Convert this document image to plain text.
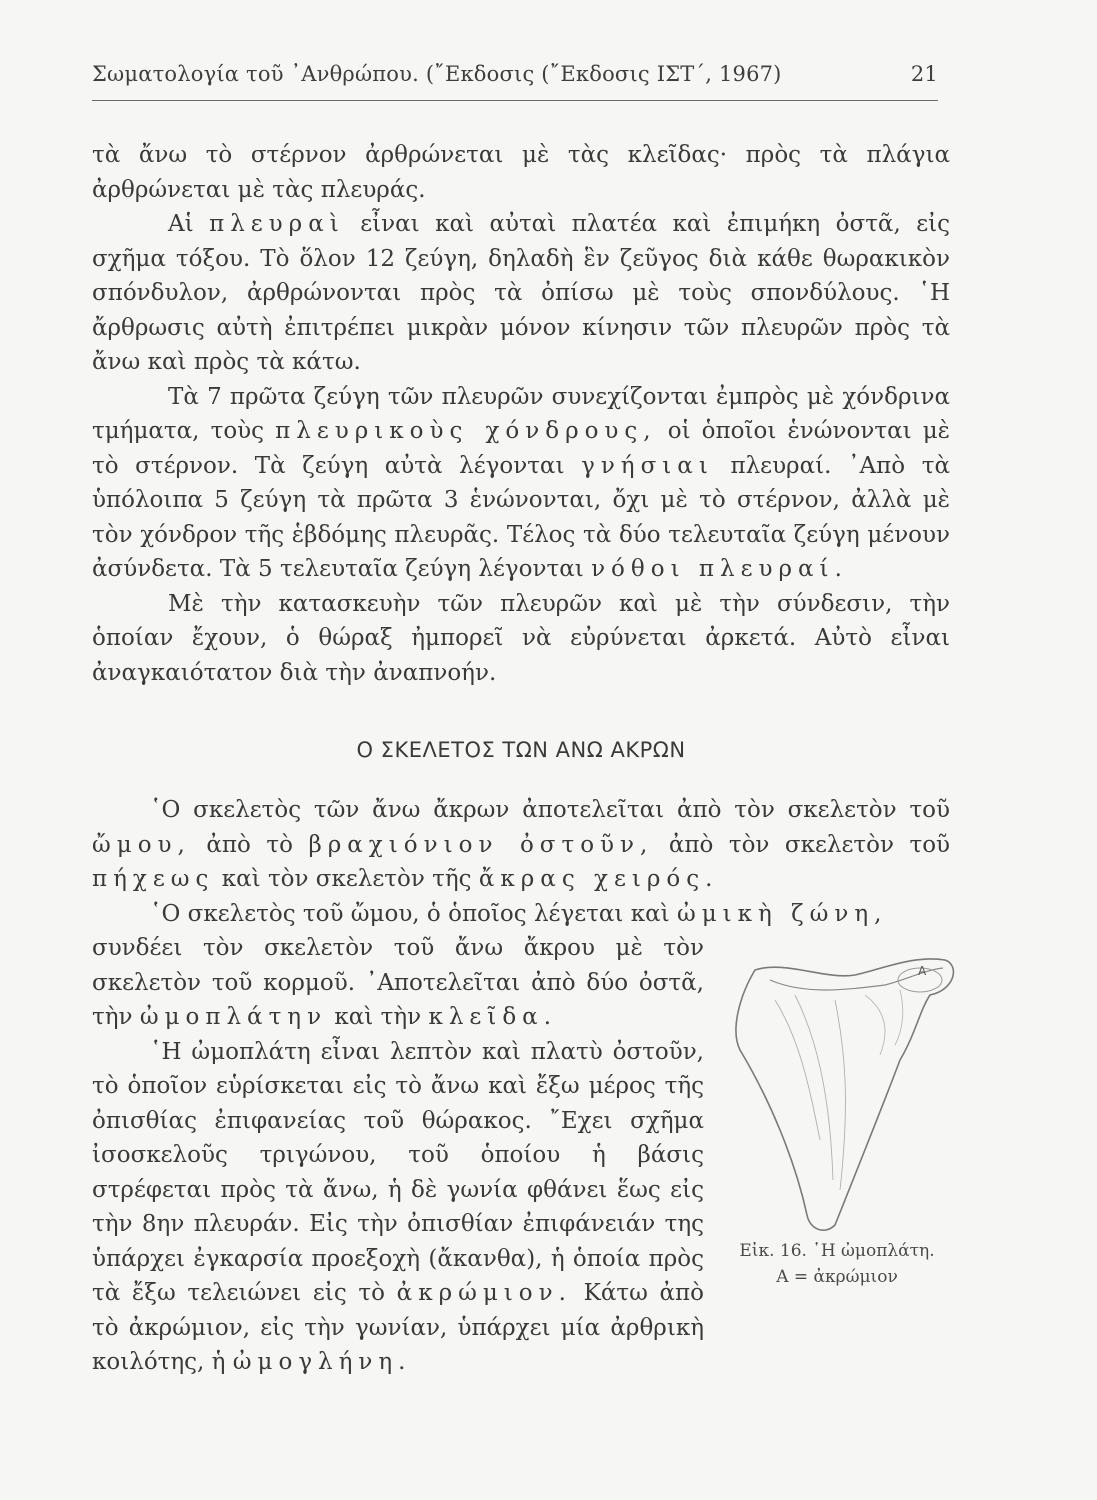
Σωματολογία τοῦ ᾿Ανθρώπου. (῎Εκδοσις (῎Εκδοσις ΙΣΤ΄, 1967)	21

τὰ ἄνω τὸ στέρνον ἀρθρώνεται μὲ τὰς κλεῖδας· πρὸς τὰ πλάγια ἀρθρώνεται μὲ τὰς πλευράς.

Αἱ πλευραὶ εἶναι καὶ αὐταὶ πλατέα καὶ ἐπιμήκη ὀστᾶ, εἰς σχῆμα τόξου. Τὸ ὅλον 12 ζεύγη, δηλαδὴ ἓν ζεῦγος διὰ κάθε θωρακικὸν σπόνδυλον, ἀρθρώνονται πρὸς τὰ ὀπίσω μὲ τοὺς σπονδύλους. ῾Η ἄρθρωσις αὐτὴ ἐπιτρέπει μικρὰν μόνον κίνησιν τῶν πλευρῶν πρὸς τὰ ἄνω καὶ πρὸς τὰ κάτω.

Τὰ 7 πρῶτα ζεύγη τῶν πλευρῶν συνεχίζονται ἐμπρὸς μὲ χόνδρινα τμήματα, τοὺς πλευρικοὺς χόνδρους, οἱ ὁποῖοι ἑνώνονται μὲ τὸ στέρνον. Τὰ ζεύγη αὐτὰ λέγονται γνήσιαι πλευραί. ᾿Απὸ τὰ ὑπόλοιπα 5 ζεύγη τὰ πρῶτα 3 ἑνώνονται, ὄχι μὲ τὸ στέρνον, ἀλλὰ μὲ τὸν χόνδρον τῆς ἑβδόμης πλευρᾶς. Τέλος τὰ δύο τελευταῖα ζεύγη μένουν ἀσύνδετα. Τὰ 5 τελευταῖα ζεύγη λέγονται νόθοι πλευραί.

Μὲ τὴν κατασκευὴν τῶν πλευρῶν καὶ μὲ τὴν σύνδεσιν, τὴν ὁποίαν ἔχουν, ὁ θώραξ ἠμπορεῖ νὰ εὐρύνεται ἀρκετά. Αὐτὸ εἶναι ἀναγκαιότατον διὰ τὴν ἀναπνοήν.

Ο ΣΚΕΛΕΤΟΣ ΤΩΝ ΑΝΩ ΑΚΡΩΝ

῾Ο σκελετὸς τῶν ἄνω ἄκρων ἀποτελεῖται ἀπὸ τὸν σκελετὸν τοῦ ὤμου, ἀπὸ τὸ βραχιόνιον ὀστοῦν, ἀπὸ τὸν σκελετὸν τοῦ πήχεως καὶ τὸν σκελετὸν τῆς ἄκρας χειρός.

῾Ο σκελετὸς τοῦ ὤμου, ὁ ὁποῖος λέγεται καὶ ὠμικὴ ζώνη,

συνδέει τὸν σκελετὸν τοῦ ἄνω ἄκρου μὲ τὸν σκελετὸν τοῦ κορμοῦ. ᾿Αποτελεῖται ἀπὸ δύο ὀστᾶ, τὴν ὠμοπλάτην καὶ τὴν κλεῖδα.

῾Η ὠμοπλάτη εἶναι λεπτὸν καὶ πλατὺ ὀστοῦν, τὸ ὁποῖον εὑρίσκεται εἰς τὸ ἄνω καὶ ἔξω μέρος τῆς ὀπισθίας ἐπιφανείας τοῦ θώρακος. ῎Εχει σχῆμα ἰσοσκελοῦς τριγώνου, τοῦ ὁποίου ἡ βάσις στρέφεται πρὸς τὰ ἄνω, ἡ δὲ γωνία φθάνει ἕως εἰς τὴν 8ην πλευράν. Εἰς τὴν ὀπισθίαν ἐπιφάνειάν της ὑπάρχει ἐγκαρσία προεξοχὴ (ἄκανθα), ἡ ὁποία πρὸς τὰ ἔξω τελειώνει εἰς τὸ ἀκρώμιον. Κάτω ἀπὸ τὸ ἀκρώμιον, εἰς τὴν γωνίαν, ὑπάρχει μία ἀρθρικὴ κοιλότης, ἡ ὠμογλήνη.

A
Εἰκ. 16. ῾Η ὠμοπλάτη.
Α = ἀκρώμιον
